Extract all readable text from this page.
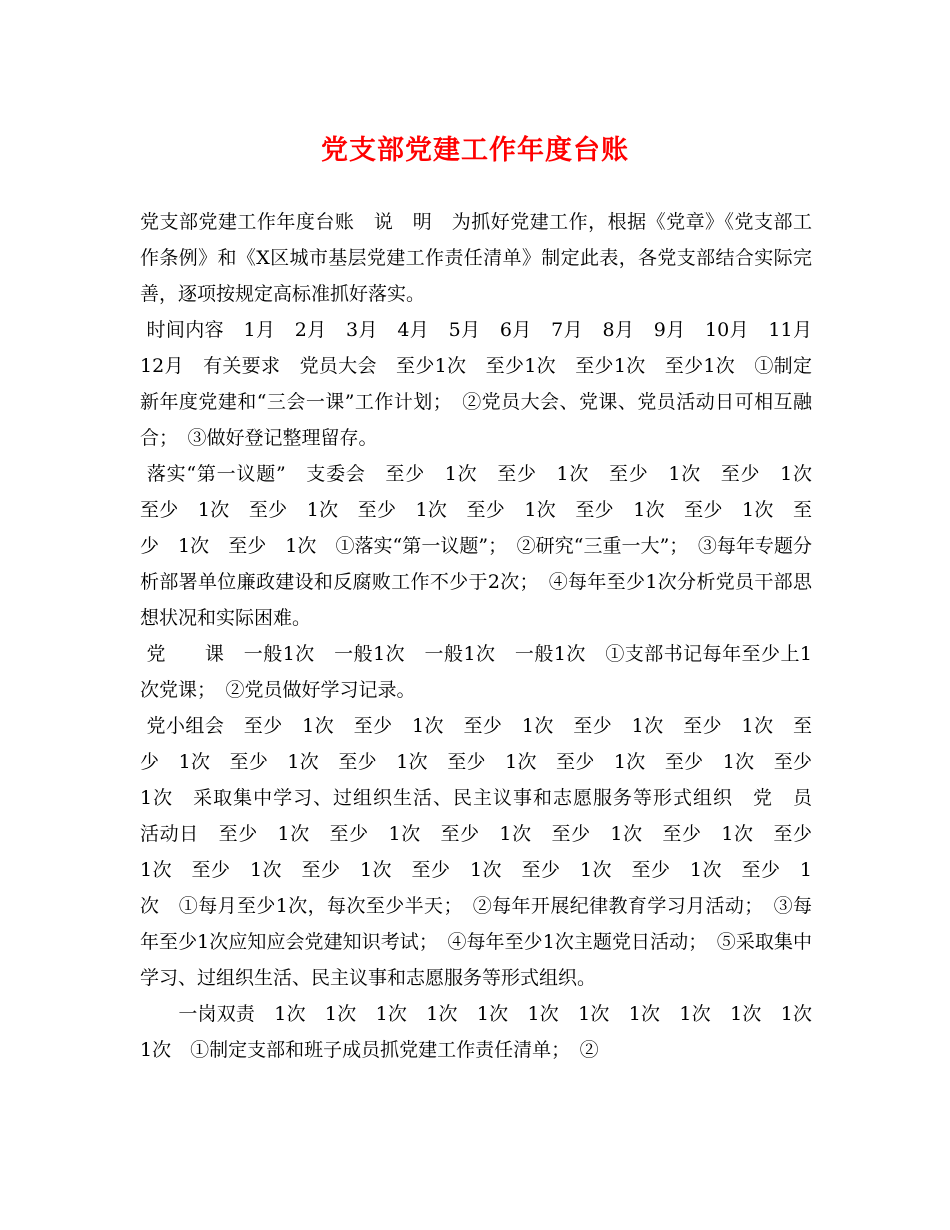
党支部党建工作年度台账

党支部党建工作年度台账　说　明　为抓好党建工作，根据《党章》《党支部工作条例》和《X区城市基层党建工作责任清单》制定此表，各党支部结合实际完善，逐项按规定高标准抓好落实。

时间内容　1月　2月　3月　4月　5月　6月　7月　8月　9月　10月　11月　12月　有关要求　党员大会　至少1次　至少1次　至少1次　至少1次　①制定新年度党建和“三会一课”工作计划；　②党员大会、党课、党员活动日可相互融合；　③做好登记整理留存。

落实“第一议题”　支委会　至少　1次　至少　1次　至少　1次　至少　1次　至少　1次　至少　1次　至少　1次　至少　1次　至少　1次　至少　1次　至少　1次　至少　1次　①落实“第一议题”；　②研究“三重一大”；　③每年专题分析部署单位廉政建设和反腐败工作不少于2次；　④每年至少1次分析党员干部思想状况和实际困难。

党　　课　一般1次　一般1次　一般1次　一般1次　①支部书记每年至少上1次党课；　②党员做好学习记录。

党小组会　至少　1次　至少　1次　至少　1次　至少　1次　至少　1次　至少　1次　至少　1次　至少　1次　至少　1次　至少　1次　至少　1次　至少　1次　采取集中学习、过组织生活、民主议事和志愿服务等形式组织　党　员　活动日　至少　1次　至少　1次　至少　1次　至少　1次　至少　1次　至少　1次　至少　1次　至少　1次　至少　1次　至少　1次　至少　1次　至少　1次　①每月至少1次，每次至少半天；　②每年开展纪律教育学习月活动；　③每年至少1次应知应会党建知识考试；　④每年至少1次主题党日活动；　⑤采取集中学习、过组织生活、民主议事和志愿服务等形式组织。

　　一岗双责　1次　1次　1次　1次　1次　1次　1次　1次　1次　1次　1次　1次　①制定支部和班子成员抓党建工作责任清单；　②
